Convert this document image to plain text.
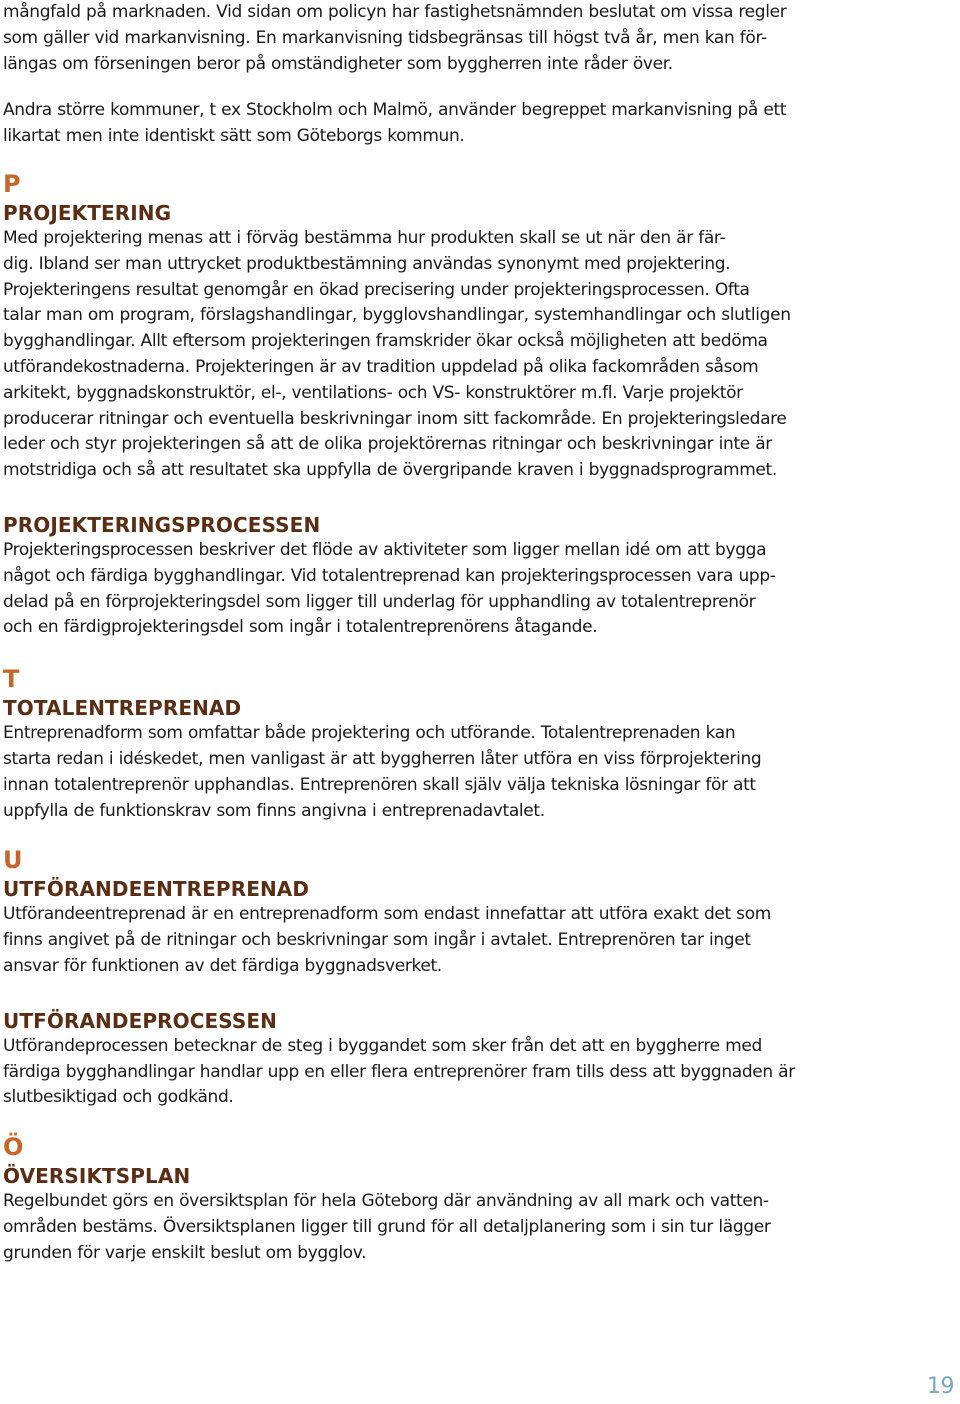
mångfald på marknaden. Vid sidan om policyn har fastighetsnämnden beslutat om vissa regler

som gäller vid markanvisning. En markanvisning tidsbegränsas till högst två år, men kan för-

längas om förseningen beror på omständigheter som byggherren inte råder över.

Andra större kommuner, t ex Stockholm och Malmö, använder begreppet markanvisning på ett

likartat men inte identiskt sätt som Göteborgs kommun.

P
PROJEKTERING

Med projektering menas att i förväg bestämma hur produkten skall se ut när den är fär-

dig. Ibland ser man uttrycket produktbestämning användas synonymt med projektering.

Projekteringens resultat genomgår en ökad precisering under projekteringsprocessen. Ofta

talar man om program, förslagshandlingar, bygglovshandlingar, systemhandlingar och slutligen

bygghandlingar. Allt eftersom projekteringen framskrider ökar också möjligheten att bedöma

utförandekostnaderna. Projekteringen är av tradition uppdelad på olika fackområden såsom

arkitekt, byggnadskonstruktör, el-, ventilations- och VS- konstruktörer m.fl. Varje projektör

producerar ritningar och eventuella beskrivningar inom sitt fackområde. En projekteringsledare

leder och styr projekteringen så att de olika projektörernas ritningar och beskrivningar inte är

motstridiga och så att resultatet ska uppfylla de övergripande kraven i byggnadsprogrammet.

PROJEKTERINGSPROCESSEN

Projekteringsprocessen beskriver det flöde av aktiviteter som ligger mellan idé om att bygga

något och färdiga bygghandlingar. Vid totalentreprenad kan projekteringsprocessen vara upp-

delad på en förprojekteringsdel som ligger till underlag för upphandling av totalentreprenör

och en färdigprojekteringsdel som ingår i totalentreprenörens åtagande.

T
TOTALENTREPRENAD

Entreprenadform som omfattar både projektering och utförande. Totalentreprenaden kan

starta redan i idéskedet, men vanligast är att byggherren låter utföra en viss förprojektering

innan totalentreprenör upphandlas. Entreprenören skall själv välja tekniska lösningar för att

uppfylla de funktionskrav som finns angivna i entreprenadavtalet.

U
UTFÖRANDEENTREPRENAD

Utförandeentreprenad är en entreprenadform som endast innefattar att utföra exakt det som

finns angivet på de ritningar och beskrivningar som ingår i avtalet. Entreprenören tar inget

ansvar för funktionen av det färdiga byggnadsverket.

UTFÖRANDEPROCESSEN

Utförandeprocessen betecknar de steg i byggandet som sker från det att en byggherre med

färdiga bygghandlingar handlar upp en eller flera entreprenörer fram tills dess att byggnaden är

slutbesiktigad och godkänd.

Ö
ÖVERSIKTSPLAN

Regelbundet görs en översiktsplan för hela Göteborg där användning av all mark och vatten-

områden bestäms. Översiktsplanen ligger till grund för all detaljplanering som i sin tur lägger

grunden för varje enskilt beslut om bygglov.

19
